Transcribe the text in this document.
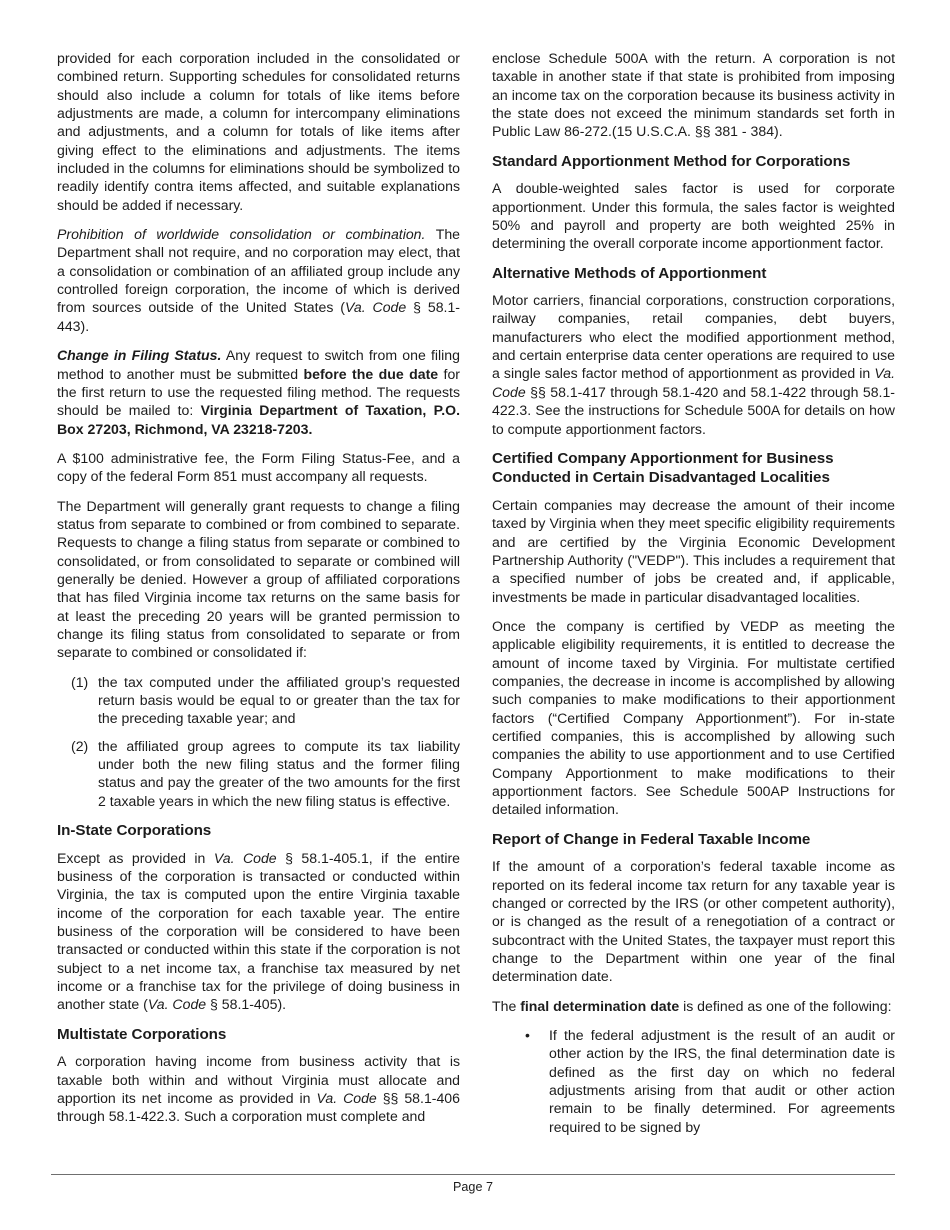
provided for each corporation included in the consolidated or combined return. Supporting schedules for consolidated returns should also include a column for totals of like items before adjustments are made, a column for intercompany eliminations and adjustments, and a column for totals of like items after giving effect to the eliminations and adjustments. The items included in the columns for eliminations should be symbolized to readily identify contra items affected, and suitable explanations should be added if necessary.

Prohibition of worldwide consolidation or combination. The Department shall not require, and no corporation may elect, that a consolidation or combination of an affiliated group include any controlled foreign corporation, the income of which is derived from sources outside of the United States (Va. Code § 58.1- 443).

Change in Filing Status. Any request to switch from one filing method to another must be submitted before the due date for the first return to use the requested filing method. The requests should be mailed to: Virginia Department of Taxation, P.O. Box 27203, Richmond, VA 23218-7203.

A $100 administrative fee, the Form Filing Status-Fee, and a copy of the federal Form 851 must accompany all requests.

The Department will generally grant requests to change a filing status from separate to combined or from combined to separate. Requests to change a filing status from separate or combined to consolidated, or from consolidated to separate or combined will generally be denied. However a group of affiliated corporations that has filed Virginia income tax returns on the same basis for at least the preceding 20 years will be granted permission to change its filing status from consolidated to separate or from separate to combined or consolidated if:

(1) the tax computed under the affiliated group’s requested return basis would be equal to or greater than the tax for the preceding taxable year; and
(2) the affiliated group agrees to compute its tax liability under both the new filing status and the former filing status and pay the greater of the two amounts for the first 2 taxable years in which the new filing status is effective.
In-State Corporations

Except as provided in Va. Code § 58.1-405.1, if the entire business of the corporation is transacted or conducted within Virginia, the tax is computed upon the entire Virginia taxable income of the corporation for each taxable year. The entire business of the corporation will be considered to have been transacted or conducted within this state if the corporation is not subject to a net income tax, a franchise tax measured by net income or a franchise tax for the privilege of doing business in another state (Va. Code § 58.1-405).

Multistate Corporations

A corporation having income from business activity that is taxable both within and without Virginia must allocate and apportion its net income as provided in Va. Code §§ 58.1-406 through 58.1-422.3. Such a corporation must complete and

enclose Schedule 500A with the return. A corporation is not taxable in another state if that state is prohibited from imposing an income tax on the corporation because its business activity in the state does not exceed the minimum standards set forth in Public Law 86-272.(15 U.S.C.A. §§ 381 - 384).

Standard Apportionment Method for Corporations

A double-weighted sales factor is used for corporate apportionment. Under this formula, the sales factor is weighted 50% and payroll and property are both weighted 25% in determining the overall corporate income apportionment factor.

Alternative Methods of Apportionment

Motor carriers, financial corporations, construction corporations, railway companies, retail companies, debt buyers, manufacturers who elect the modified apportionment method, and certain enterprise data center operations are required to use a single sales factor method of apportionment as provided in Va. Code §§ 58.1-417 through 58.1-420 and 58.1-422 through 58.1-422.3. See the instructions for Schedule 500A for details on how to compute apportionment factors.

Certified Company Apportionment for Business Conducted in Certain Disadvantaged Localities

Certain companies may decrease the amount of their income taxed by Virginia when they meet specific eligibility requirements and are certified by the Virginia Economic Development Partnership Authority ("VEDP"). This includes a requirement that a specified number of jobs be created and, if applicable, investments be made in particular disadvantaged localities.

Once the company is certified by VEDP as meeting the applicable eligibility requirements, it is entitled to decrease the amount of income taxed by Virginia. For multistate certified companies, the decrease in income is accomplished by allowing such companies to make modifications to their apportionment factors (“Certified Company Apportionment”). For in-state certified companies, this is accomplished by allowing such companies the ability to use apportionment and to use Certified Company Apportionment to make modifications to their apportionment factors. See Schedule 500AP Instructions for detailed information.

Report of Change in Federal Taxable Income

If the amount of a corporation’s federal taxable income as reported on its federal income tax return for any taxable year is changed or corrected by the IRS (or other competent authority), or is changed as the result of a renegotiation of a contract or subcontract with the United States, the taxpayer must report this change to the Department within one year of the final determination date.

The final determination date is defined as one of the following:

• If the federal adjustment is the result of an audit or other action by the IRS, the final determination date is defined as the first day on which no federal adjustments arising from that audit or other action remain to be finally determined. For agreements required to be signed by
Page 7
